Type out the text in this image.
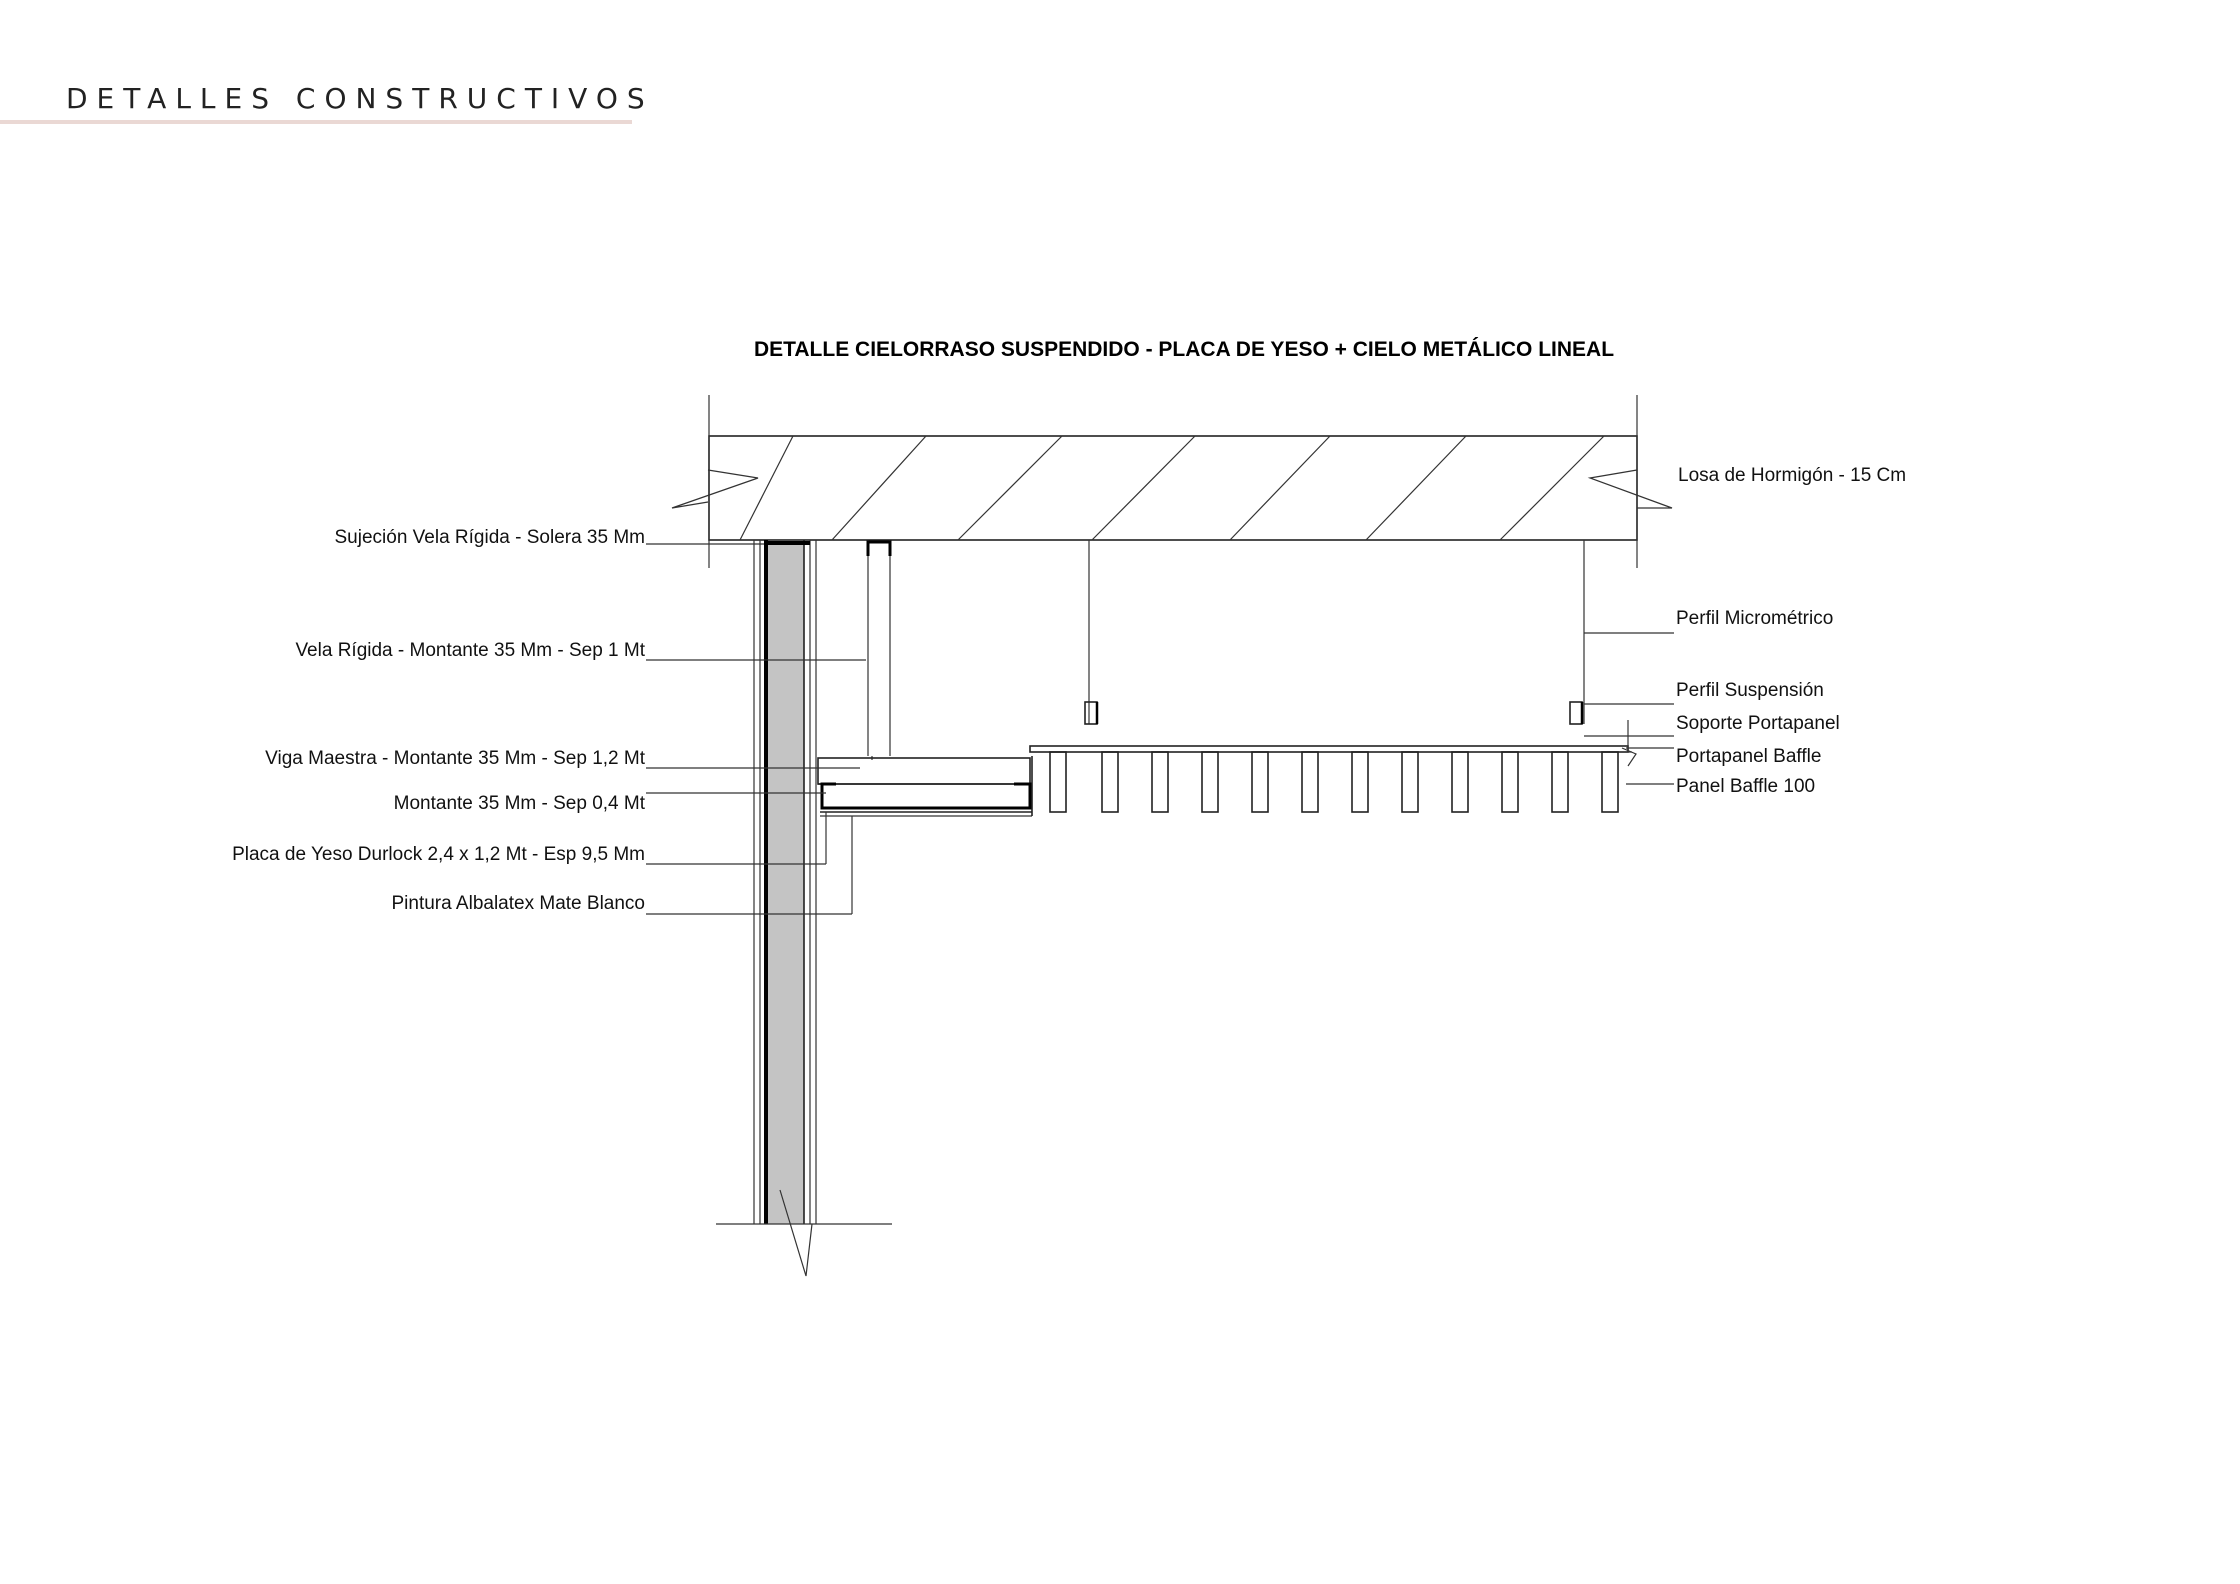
DETALLES CONSTRUCTIVOS
DETALLE CIELORRASO SUSPENDIDO - PLACA DE YESO + CIELO METÁLICO LINEAL
Sujeción Vela Rígida - Solera 35 Mm
Vela Rígida - Montante 35 Mm - Sep 1 Mt
Viga Maestra - Montante 35 Mm - Sep 1,2 Mt
Montante 35 Mm - Sep 0,4 Mt
Placa de Yeso Durlock 2,4 x 1,2 Mt - Esp 9,5 Mm
Pintura Albalatex Mate Blanco
Losa de Hormigón - 15 Cm
Perfil Micrométrico
Perfil Suspensión
Soporte Portapanel
Portapanel Baffle
Panel Baffle 100
